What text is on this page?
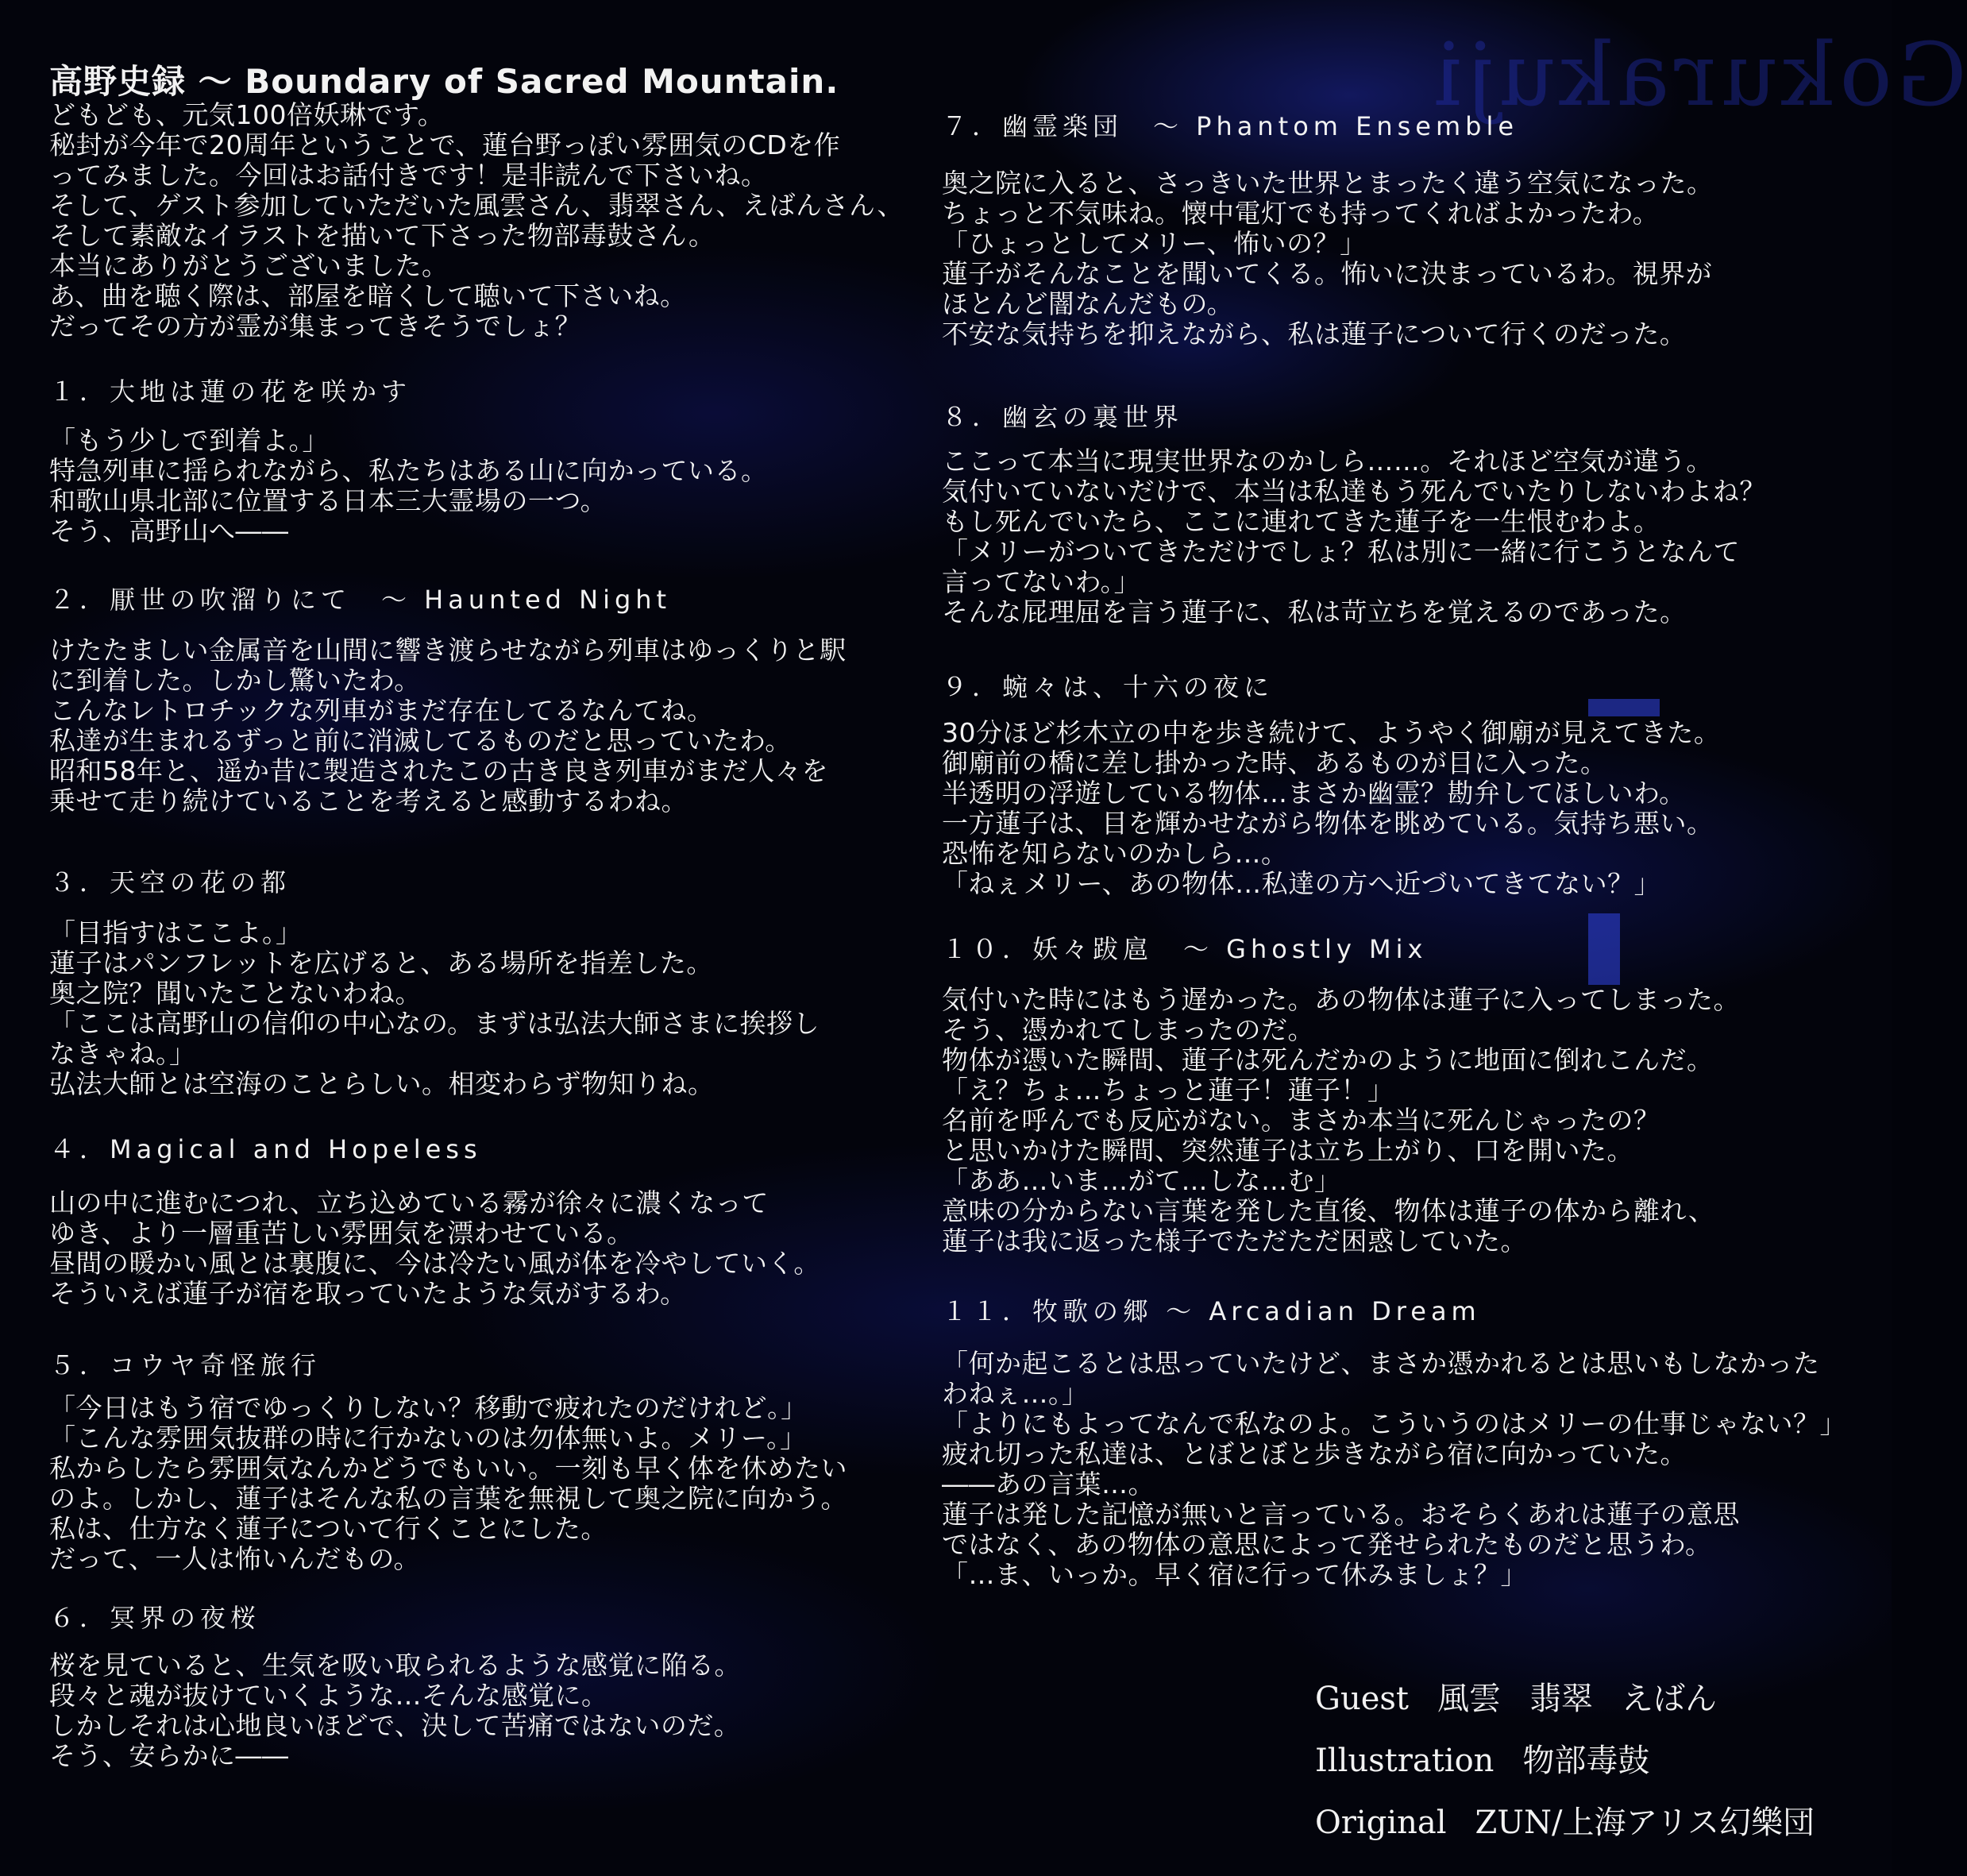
Gokurakuji
高野史録 ～ Boundary of Sacred Mountain.
どもども、元気100倍妖琳です。
秘封が今年で20周年ということで、蓮台野っぽい雰囲気のCDを作
ってみました。今回はお話付きです！是非読んで下さいね。
そして、ゲスト参加していただいた風雲さん、翡翠さん、えばんさん、
そして素敵なイラストを描いて下さった物部毒鼓さん。
本当にありがとうございました。
あ、曲を聴く際は、部屋を暗くして聴いて下さいね。
だってその方が霊が集まってきそうでしょ？
１．大地は蓮の花を咲かす
「もう少しで到着よ。」
特急列車に揺られながら、私たちはある山に向かっている。
和歌山県北部に位置する日本三大霊場の一つ。
そう、高野山へ――
２．厭世の吹溜りにて　～ Haunted Night
けたたましい金属音を山間に響き渡らせながら列車はゆっくりと駅
に到着した。しかし驚いたわ。
こんなレトロチックな列車がまだ存在してるなんてね。
私達が生まれるずっと前に消滅してるものだと思っていたわ。
昭和58年と、遥か昔に製造されたこの古き良き列車がまだ人々を
乗せて走り続けていることを考えると感動するわね。
３．天空の花の都
「目指すはここよ。」
蓮子はパンフレットを広げると、ある場所を指差した。
奥之院？聞いたことないわね。
「ここは高野山の信仰の中心なの。まずは弘法大師さまに挨拶し
なきゃね。」
弘法大師とは空海のことらしい。相変わらず物知りね。
４．Magical and Hopeless
山の中に進むにつれ、立ち込めている霧が徐々に濃くなって
ゆき、より一層重苦しい雰囲気を漂わせている。
昼間の暖かい風とは裏腹に、今は冷たい風が体を冷やしていく。
そういえば蓮子が宿を取っていたような気がするわ。
５．コウヤ奇怪旅行
「今日はもう宿でゆっくりしない？移動で疲れたのだけれど。」
「こんな雰囲気抜群の時に行かないのは勿体無いよ。メリー。」
私からしたら雰囲気なんかどうでもいい。一刻も早く体を休めたい
のよ。しかし、蓮子はそんな私の言葉を無視して奥之院に向かう。
私は、仕方なく蓮子について行くことにした。
だって、一人は怖いんだもの。
６．冥界の夜桜
桜を見ていると、生気を吸い取られるような感覚に陥る。
段々と魂が抜けていくような…そんな感覚に。
しかしそれは心地良いほどで、決して苦痛ではないのだ。
そう、安らかに――
７．幽霊楽団　～ Phantom Ensemble
奥之院に入ると、さっきいた世界とまったく違う空気になった。
ちょっと不気味ね。懐中電灯でも持ってくればよかったわ。
「ひょっとしてメリー、怖いの？」
蓮子がそんなことを聞いてくる。怖いに決まっているわ。視界が
ほとんど闇なんだもの。
不安な気持ちを抑えながら、私は蓮子について行くのだった。
８．幽玄の裏世界
ここって本当に現実世界なのかしら……。それほど空気が違う。
気付いていないだけで、本当は私達もう死んでいたりしないわよね？
もし死んでいたら、ここに連れてきた蓮子を一生恨むわよ。
「メリーがついてきただけでしょ？私は別に一緒に行こうとなんて
言ってないわ。」
そんな屁理屈を言う蓮子に、私は苛立ちを覚えるのであった。
９．蜿々は、十六の夜に
30分ほど杉木立の中を歩き続けて、ようやく御廟が見えてきた。
御廟前の橋に差し掛かった時、あるものが目に入った。
半透明の浮遊している物体…まさか幽霊？勘弁してほしいわ。
一方蓮子は、目を輝かせながら物体を眺めている。気持ち悪い。
恐怖を知らないのかしら…。
「ねぇメリー、あの物体…私達の方へ近づいてきてない？」
１０．妖々跋扈　～ Ghostly Mix
気付いた時にはもう遅かった。あの物体は蓮子に入ってしまった。
そう、憑かれてしまったのだ。
物体が憑いた瞬間、蓮子は死んだかのように地面に倒れこんだ。
「え？ちょ…ちょっと蓮子！蓮子！」
名前を呼んでも反応がない。まさか本当に死んじゃったの？
と思いかけた瞬間、突然蓮子は立ち上がり、口を開いた。
「ああ…いま…がて…しな…む」
意味の分からない言葉を発した直後、物体は蓮子の体から離れ、
蓮子は我に返った様子でただただ困惑していた。
１１．牧歌の郷 ～ Arcadian Dream
「何か起こるとは思っていたけど、まさか憑かれるとは思いもしなかった
わねぇ…。」
「よりにもよってなんで私なのよ。こういうのはメリーの仕事じゃない？」
疲れ切った私達は、とぼとぼと歩きながら宿に向かっていた。
――あの言葉…。
蓮子は発した記憶が無いと言っている。おそらくあれは蓮子の意思
ではなく、あの物体の意思によって発せられたものだと思うわ。
「…ま、いっか。早く宿に行って休みましょ？」
Guest 風雲 翡翠 えばん
Illustration 物部毒鼓
Original ZUN/上海アリス幻樂団
